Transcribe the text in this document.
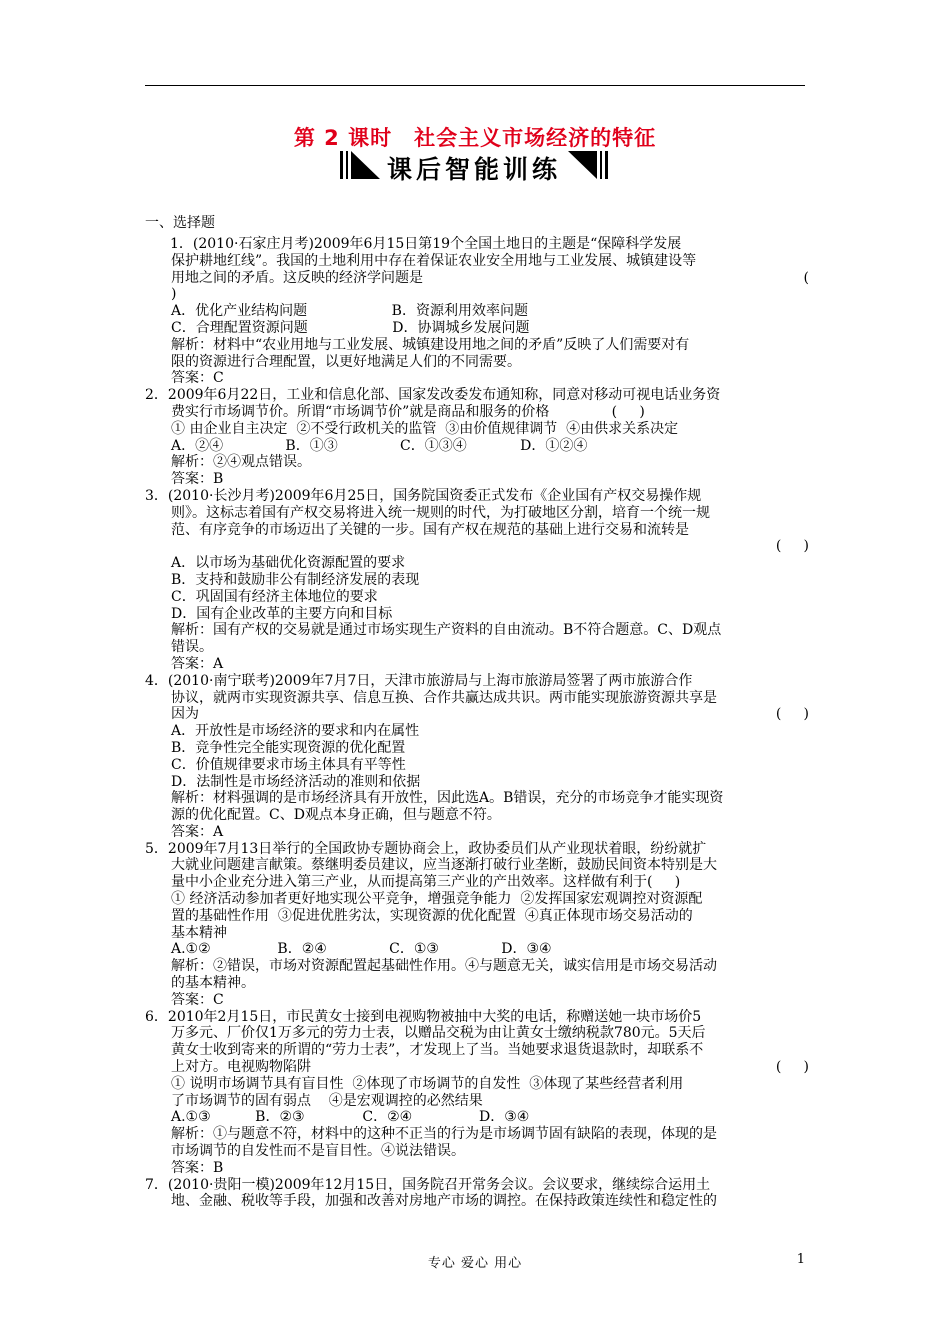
第 2 课时　社会主义市场经济的特征
课后智能训练
一、选择题
1．(2010·石家庄月考)2009年6月15日第19个全国土地日的主题是“保障科学发展
保护耕地红线”。我国的土地利用中存在着保证农业安全用地与工业发展、城镇建设等
用地之间的矛盾。这反映的经济学问题是	(
)
A．优化产业结构问题                   B．资源利用效率问题
C．合理配置资源问题                   D．协调城乡发展问题
解析：材料中“农业用地与工业发展、城镇建设用地之间的矛盾”反映了人们需要对有
限的资源进行合理配置，以更好地满足人们的不同需要。
答案：C
2．2009年6月22日，工业和信息化部、国家发改委发布通知称，同意对移动可视电话业务资
费实行市场调节价。所谓“市场调节价”就是商品和服务的价格              (     )
① 由企业自主决定  ②不受行政机关的监管  ③由价值规律调节  ④由供求关系决定
A．②④              B．①③              C．①③④            D．①②④
解析：②④观点错误。
答案：B
3．(2010·长沙月考)2009年6月25日，国务院国资委正式发布《企业国有产权交易操作规
则》。这标志着国有产权交易将进入统一规则的时代，为打破地区分割，培育一个统一规
范、有序竞争的市场迈出了关键的一步。国有产权在规范的基础上进行交易和流转是
(     )
A．以市场为基础优化资源配置的要求
B．支持和鼓励非公有制经济发展的表现
C．巩固国有经济主体地位的要求
D．国有企业改革的主要方向和目标
解析：国有产权的交易就是通过市场实现生产资料的自由流动。B不符合题意。C、D观点
错误。
答案：A
4．(2010·南宁联考)2009年7月7日，天津市旅游局与上海市旅游局签署了两市旅游合作
协议，就两市实现资源共享、信息互换、合作共赢达成共识。两市能实现旅游资源共享是
因为	(     )
A．开放性是市场经济的要求和内在属性
B．竞争性完全能实现资源的优化配置
C．价值规律要求市场主体具有平等性
D．法制性是市场经济活动的准则和依据
解析：材料强调的是市场经济具有开放性，因此选A。B错误，充分的市场竞争才能实现资
源的优化配置。C、D观点本身正确，但与题意不符。
答案：A
5．2009年7月13日举行的全国政协专题协商会上，政协委员们从产业现状着眼，纷纷就扩
大就业问题建言献策。蔡继明委员建议，应当逐渐打破行业垄断，鼓励民间资本特别是大
量中小企业充分进入第三产业，从而提高第三产业的产出效率。这样做有利于(     )
① 经济活动参加者更好地实现公平竞争，增强竞争能力  ②发挥国家宏观调控对资源配
置的基础性作用  ③促进优胜劣汰，实现资源的优化配置  ④真正体现市场交易活动的
基本精神
A.①②               B．②④              C．①③              D．③④
解析：②错误，市场对资源配置起基础性作用。④与题意无关，诚实信用是市场交易活动
的基本精神。
答案：C
6．2010年2月15日，市民黄女士接到电视购物被抽中大奖的电话，称赠送她一块市场价5
万多元、厂价仅1万多元的劳力士表，以赠品交税为由让黄女士缴纳税款780元。5天后
黄女士收到寄来的所谓的“劳力士表”，才发现上了当。当她要求退货退款时，却联系不
上对方。电视购物陷阱	(     )
① 说明市场调节具有盲目性  ②体现了市场调节的自发性  ③体现了某些经营者利用
了市场调节的固有弱点    ④是宏观调控的必然结果
A.①③          B．②③             C．②④               D．③④
解析：①与题意不符，材料中的这种不正当的行为是市场调节固有缺陷的表现，体现的是
市场调节的自发性而不是盲目性。④说法错误。
答案：B
7．(2010·贵阳一模)2009年12月15日，国务院召开常务会议。会议要求，继续综合运用土
地、金融、税收等手段，加强和改善对房地产市场的调控。在保持政策连续性和稳定性的
专心 爱心 用心	1
